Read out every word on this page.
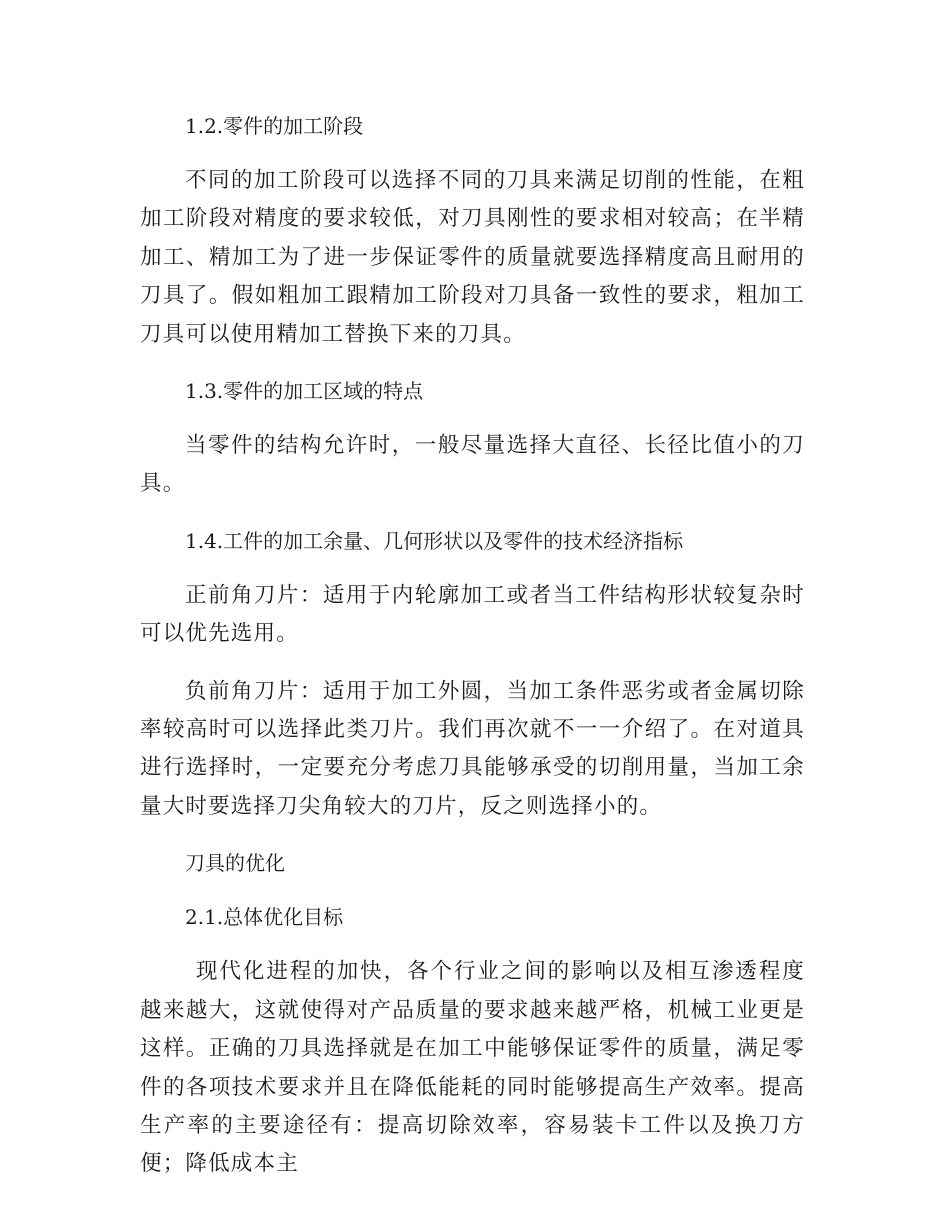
1.2.零件的加工阶段

不同的加工阶段可以选择不同的刀具来满足切削的性能，在粗加工阶段对精度的要求较低，对刀具刚性的要求相对较高；在半精加工、精加工为了进一步保证零件的质量就要选择精度高且耐用的刀具了。假如粗加工跟精加工阶段对刀具备一致性的要求，粗加工刀具可以使用精加工替换下来的刀具。

1.3.零件的加工区域的特点

当零件的结构允许时，一般尽量选择大直径、长径比值小的刀具。

1.4.工件的加工余量、几何形状以及零件的技术经济指标

正前角刀片：适用于内轮廓加工或者当工件结构形状较复杂时可以优先选用。

负前角刀片：适用于加工外圆，当加工条件恶劣或者金属切除率较高时可以选择此类刀片。我们再次就不一一介绍了。在对道具进行选择时，一定要充分考虑刀具能够承受的切削用量，当加工余量大时要选择刀尖角较大的刀片，反之则选择小的。

刀具的优化
2.1.总体优化目标

现代化进程的加快，各个行业之间的影响以及相互渗透程度越来越大，这就使得对产品质量的要求越来越严格，机械工业更是这样。正确的刀具选择就是在加工中能够保证零件的质量，满足零件的各项技术要求并且在降低能耗的同时能够提高生产效率。提高生产率的主要途径有：提高切除效率，容易装卡工件以及换刀方便；降低成本主
